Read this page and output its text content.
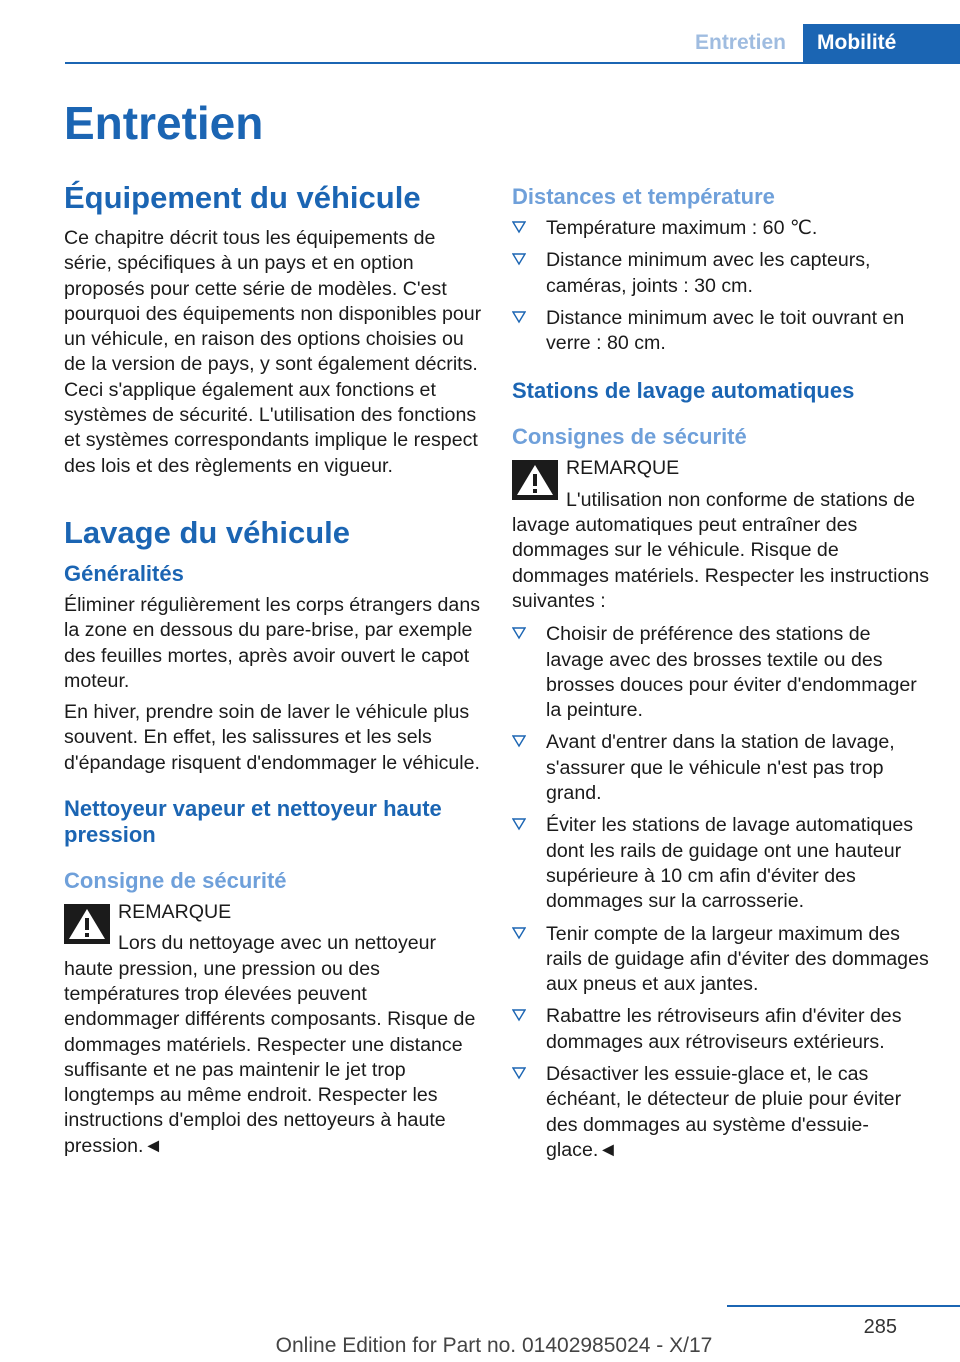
Entretien	Mobilité
Entretien
Équipement du véhicule

Ce chapitre décrit tous les équipements de série, spécifiques à un pays et en option proposés pour cette série de modèles. C'est pourquoi des équipements non disponibles pour un véhicule, en raison des options choisies ou de la version de pays, y sont également décrits. Ceci s'applique également aux fonctions et systèmes de sécurité. L'utilisation des fonctions et systèmes correspondants implique le respect des lois et des règlements en vigueur.

Lavage du véhicule
Généralités

Éliminer régulièrement les corps étrangers dans la zone en dessous du pare-brise, par exemple des feuilles mortes, après avoir ouvert le capot moteur.

En hiver, prendre soin de laver le véhicule plus souvent. En effet, les salissures et les sels d'épandage risquent d'endommager le véhicule.

Nettoyeur vapeur et nettoyeur haute pression
Consigne de sécurité
REMARQUE
Lors du nettoyage avec un nettoyeur haute pression, une pression ou des températures trop élevées peuvent endommager différents composants. Risque de dommages matériels. Respecter une distance suffisante et ne pas maintenir le jet trop longtemps au même endroit. Respecter les instructions d'emploi des nettoyeurs à haute pression.◄
Distances et température
Température maximum : 60 ℃.
Distance minimum avec les capteurs, caméras, joints : 30 cm.
Distance minimum avec le toit ouvrant en verre : 80 cm.
Stations de lavage automatiques
Consignes de sécurité
REMARQUE
L'utilisation non conforme de stations de lavage automatiques peut entraîner des dommages sur le véhicule. Risque de dommages matériels. Respecter les instructions suivantes :
Choisir de préférence des stations de lavage avec des brosses textile ou des brosses douces pour éviter d'endommager la peinture.
Avant d'entrer dans la station de lavage, s'assurer que le véhicule n'est pas trop grand.
Éviter les stations de lavage automatiques dont les rails de guidage ont une hauteur supérieure à 10 cm afin d'éviter des dommages sur la carrosserie.
Tenir compte de la largeur maximum des rails de guidage afin d'éviter des dommages aux pneus et aux jantes.
Rabattre les rétroviseurs afin d'éviter des dommages aux rétroviseurs extérieurs.
Désactiver les essuie-glace et, le cas échéant, le détecteur de pluie pour éviter des dommages au système d'essuie-glace.◄
285
Online Edition for Part no. 01402985024 - X/17
